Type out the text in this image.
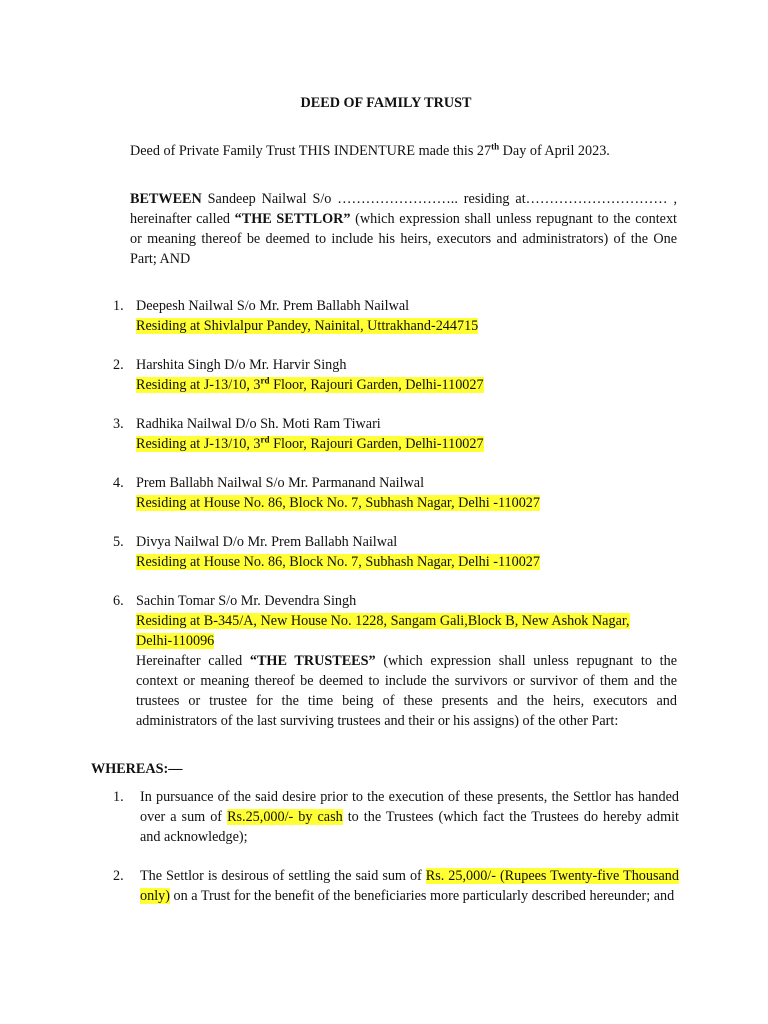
DEED OF FAMILY TRUST
Deed of Private Family Trust THIS INDENTURE made this 27th Day of April 2023.
BETWEEN Sandeep Nailwal S/o …………………….. residing at………………………… , hereinafter called “THE SETTLOR” (which expression shall unless repugnant to the context or meaning thereof be deemed to include his heirs, executors and administrators) of the One Part; AND
1. Deepesh Nailwal S/o Mr. Prem Ballabh Nailwal
Residing at Shivlalpur Pandey, Nainital, Uttrakhand-244715
2. Harshita Singh D/o Mr. Harvir Singh
Residing at J-13/10, 3rd Floor, Rajouri Garden, Delhi-110027
3. Radhika Nailwal D/o Sh. Moti Ram Tiwari
Residing at J-13/10, 3rd Floor, Rajouri Garden, Delhi-110027
4. Prem Ballabh Nailwal S/o Mr. Parmanand Nailwal
Residing at House No. 86, Block No. 7, Subhash Nagar, Delhi -110027
5. Divya Nailwal D/o Mr. Prem Ballabh Nailwal
Residing at House No. 86, Block No. 7, Subhash Nagar, Delhi -110027
6. Sachin Tomar S/o Mr. Devendra Singh
Residing at B-345/A, New House No. 1228, Sangam Gali,Block B, New Ashok Nagar,
Delhi-110096
Hereinafter called “THE TRUSTEES” (which expression shall unless repugnant to the context or meaning thereof be deemed to include the survivors or survivor of them and the trustees or trustee for the time being of these presents and the heirs, executors and administrators of the last surviving trustees and their or his assigns) of the other Part:
WHEREAS:—
1. In pursuance of the said desire prior to the execution of these presents, the Settlor has handed over a sum of Rs.25,000/- by cash to the Trustees (which fact the Trustees do hereby admit and acknowledge);
2. The Settlor is desirous of settling the said sum of Rs. 25,000/- (Rupees Twenty-five Thousand only) on a Trust for the benefit of the beneficiaries more particularly described hereunder; and
